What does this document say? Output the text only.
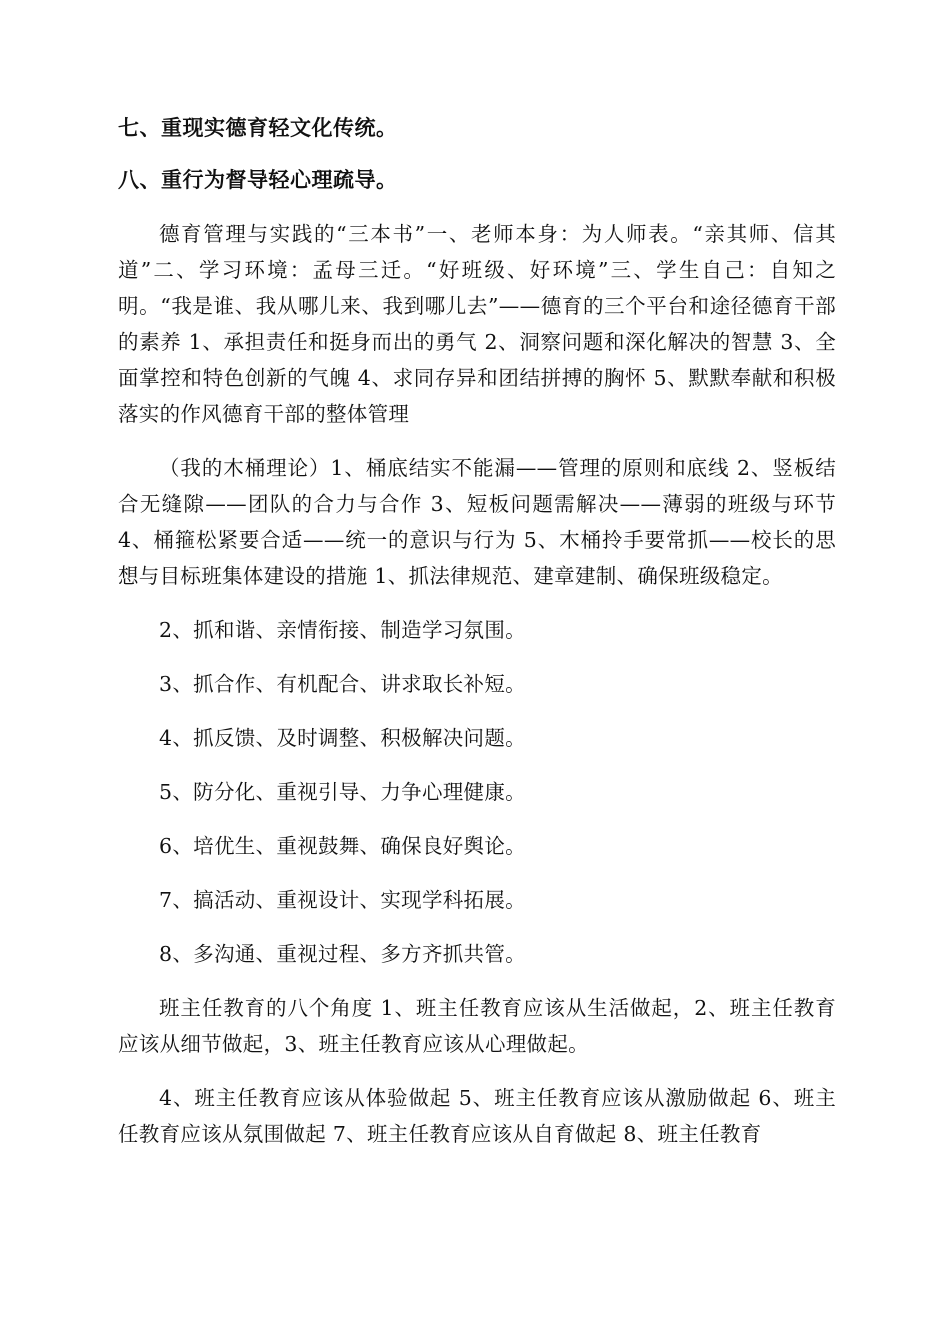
七、重现实德育轻文化传统。
八、重行为督导轻心理疏导。

德育管理与实践的“三本书”一、老师本身：为人师表。“亲其师、信其道”二、学习环境：孟母三迁。“好班级、好环境”三、学生自己：自知之明。“我是谁、我从哪儿来、我到哪儿去”——德育的三个平台和途径德育干部的素养 1、承担责任和挺身而出的勇气 2、洞察问题和深化解决的智慧 3、全面掌控和特色创新的气魄 4、求同存异和团结拼搏的胸怀 5、默默奉献和积极落实的作风德育干部的整体管理

（我的木桶理论）1、桶底结实不能漏——管理的原则和底线 2、竖板结合无缝隙——团队的合力与合作 3、短板问题需解决——薄弱的班级与环节 4、桶箍松紧要合适——统一的意识与行为 5、木桶拎手要常抓——校长的思想与目标班集体建设的措施 1、抓法律规范、建章建制、确保班级稳定。

2、抓和谐、亲情衔接、制造学习氛围。

3、抓合作、有机配合、讲求取长补短。

4、抓反馈、及时调整、积极解决问题。

5、防分化、重视引导、力争心理健康。

6、培优生、重视鼓舞、确保良好舆论。

7、搞活动、重视设计、实现学科拓展。

8、多沟通、重视过程、多方齐抓共管。

班主任教育的八个角度 1、班主任教育应该从生活做起，2、班主任教育应该从细节做起，3、班主任教育应该从心理做起。

4、班主任教育应该从体验做起 5、班主任教育应该从激励做起 6、班主任教育应该从氛围做起 7、班主任教育应该从自育做起 8、班主任教育
